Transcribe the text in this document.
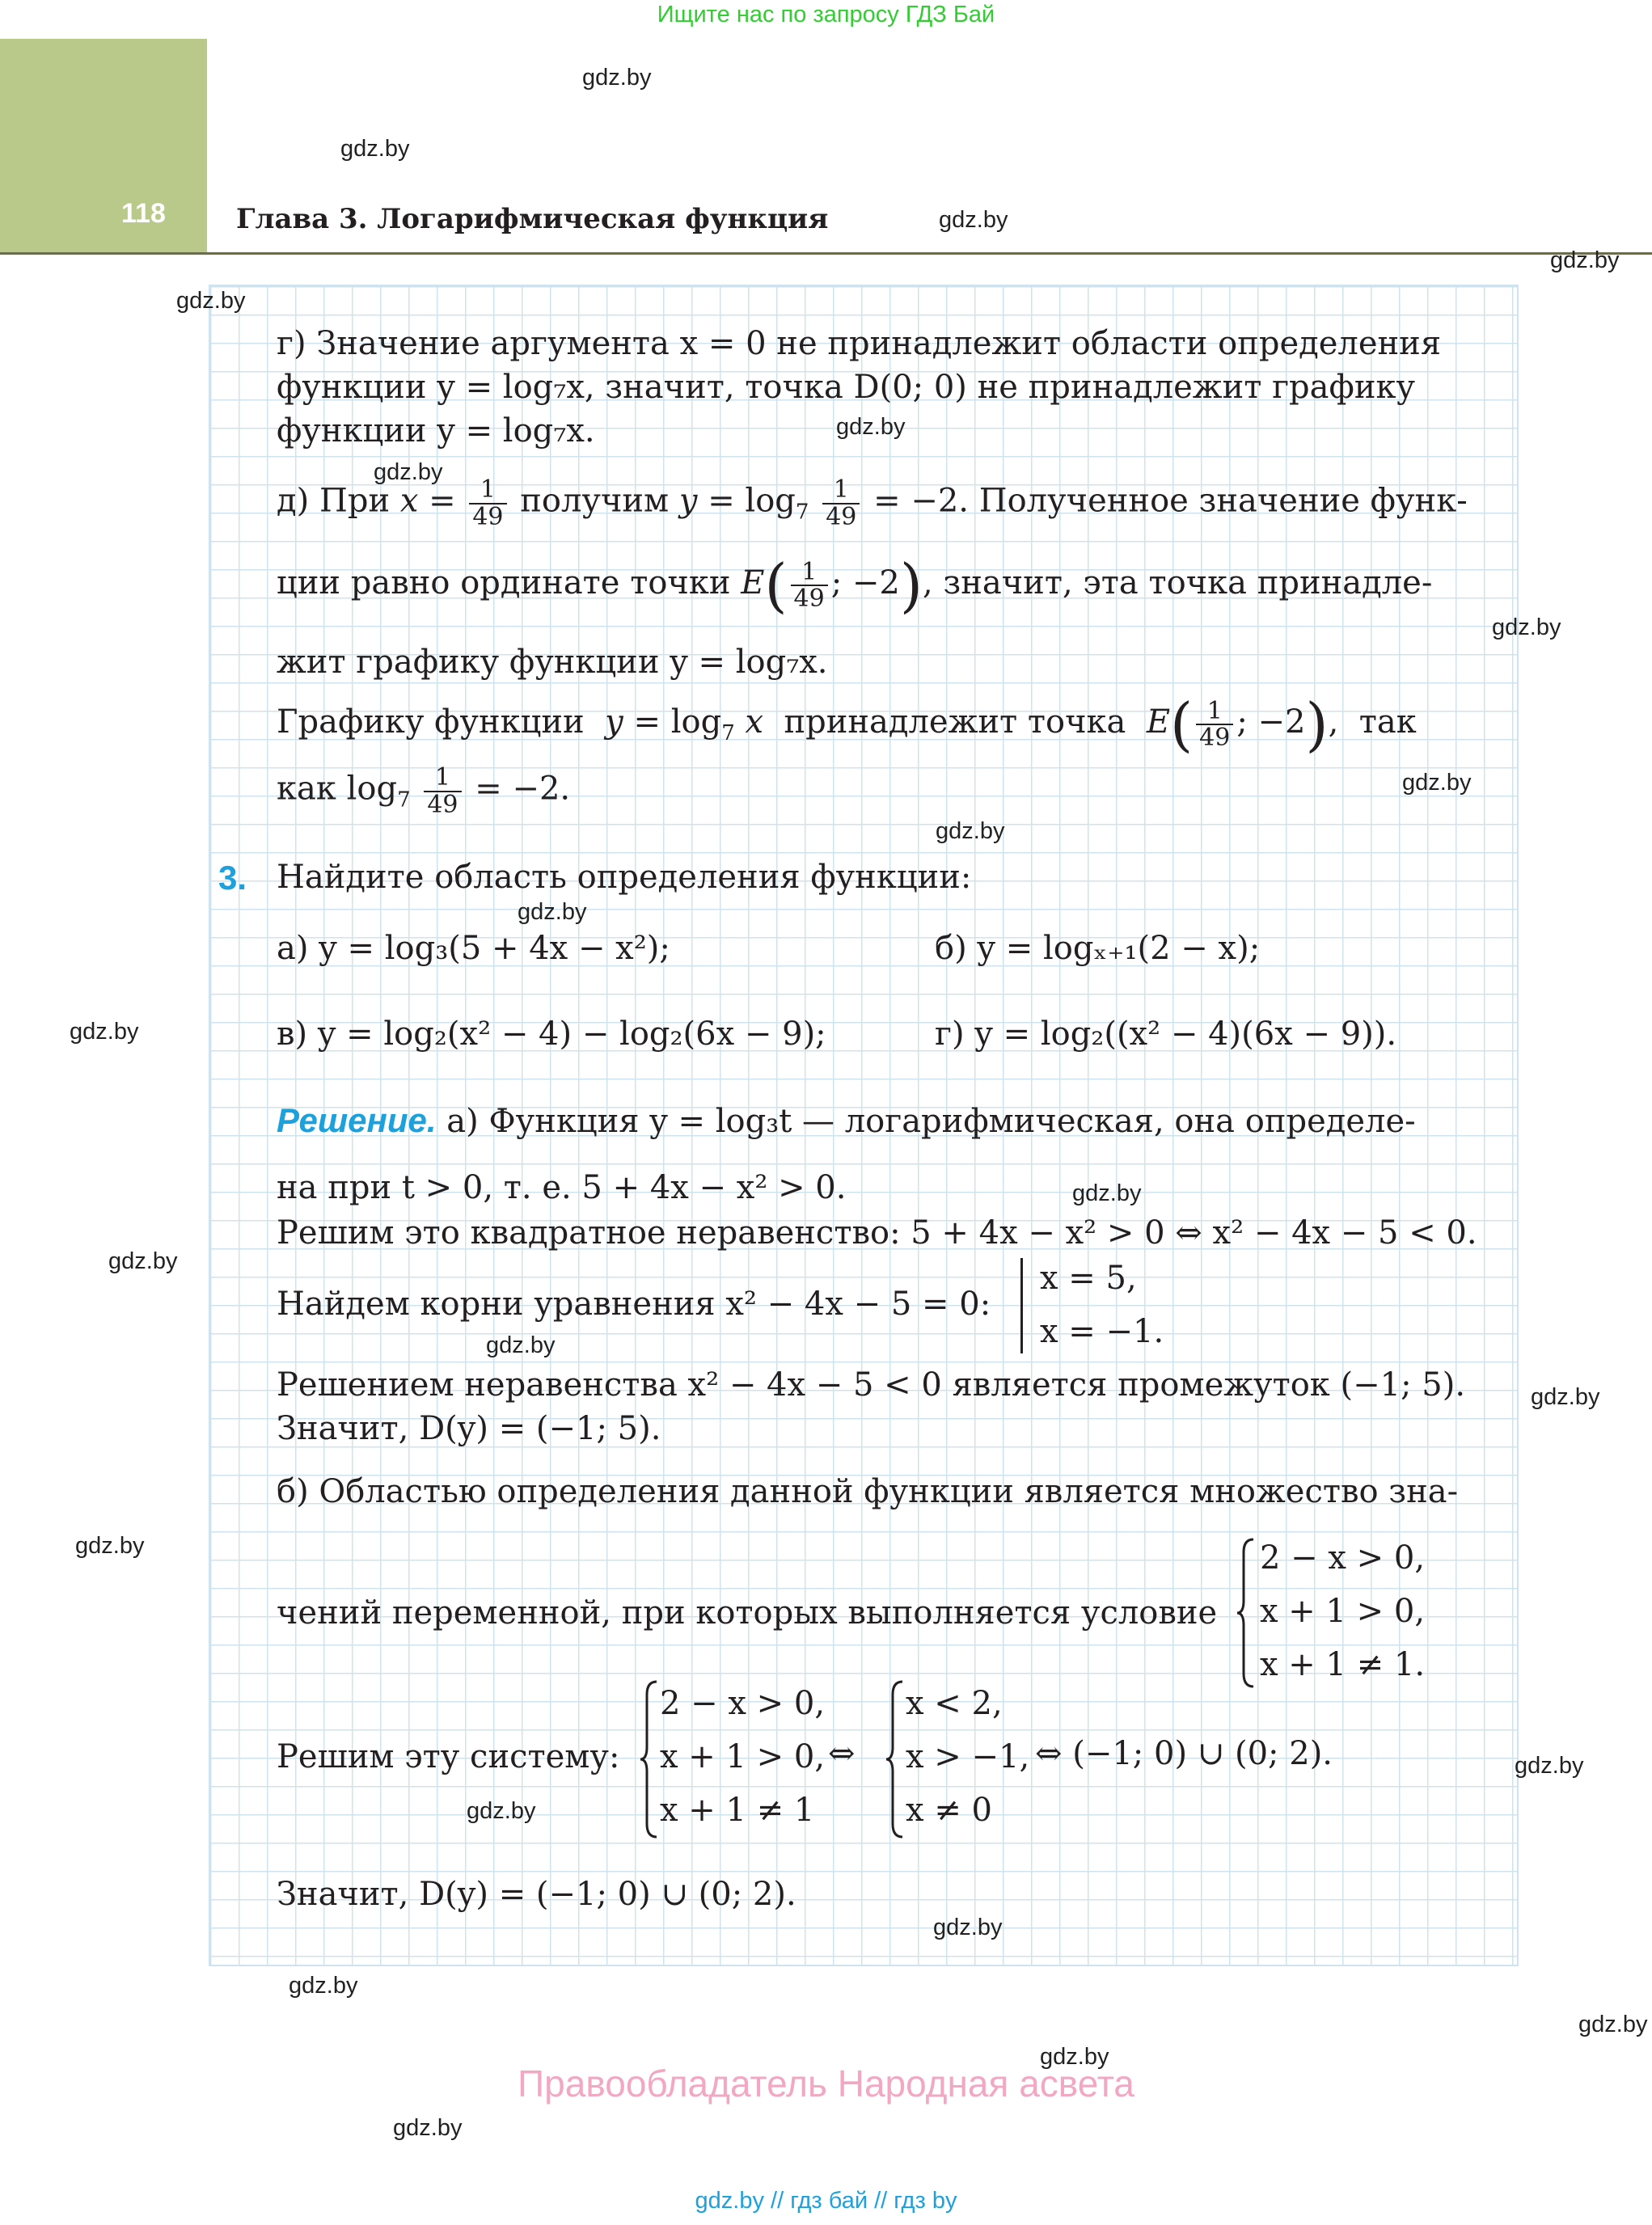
Ищите нас по запросу ГДЗ Бай
118	Глава 3. Логарифмическая функция
gdz.by
gdz.by
gdz.by
gdz.by
gdz.by
gdz.by
gdz.by
gdz.by
gdz.by
gdz.by
gdz.by
gdz.by
gdz.by
gdz.by
gdz.by
gdz.by
gdz.by
gdz.by
gdz.by
gdz.by
gdz.by
gdz.by
gdz.by
gdz.by
г) Значение аргумента x = 0 не принадлежит области определения
функции y = log₇x, значит, точка D(0; 0) не принадлежит графику
функции y = log₇x.
д) При $x = \frac{1}{49}$ получим $y = \log_7 \frac{1}{49} = -2$. Полученное значение функ-
ции равно ординате точки $E( \frac{1}{49}$ ; −2), значит, эта точка принадле-
жит графику функции y = log₇x.
Графику функции $y = \log_7 x$ принадлежит точка $E( \frac{1}{49}$ ; −2),  так
как $\log_7 \frac{1}{49} = -2$.
3. Найдите область определения функции:
а) y = log₃(5 + 4x − x²);	б) y = logₓ₊₁(2 − x);
в) y = log₂(x² − 4) − log₂(6x − 9);	г) y = log₂((x² − 4)(6x − 9)).
Решение. а) Функция y = log₃t — логарифмическая, она определе-
на при t > 0, т. е. 5 + 4x − x² > 0.
Решим это квадратное неравенство: 5 + 4x − x² > 0 ⇔ x² − 4x − 5 < 0.
Найдем корни уравнения x² − 4x − 5 = 0:
x = 5,
x = −1.
Решением неравенства x² − 4x − 5 < 0 является промежуток (−1; 5).
Значит, D(y) = (−1; 5).
б) Областью определения данной функции является множество зна-
чений переменной, при которых выполняется условие
2 − x > 0,
x + 1 > 0,
x + 1 ≠ 1.
Решим эту систему:
2 − x > 0,
x + 1 > 0,
x + 1 ≠ 1
⇔
x < 2,
x > −1,
x ≠ 0
⇔ (−1; 0) ∪ (0; 2).
Значит, D(y) = (−1; 0) ∪ (0; 2).
Правообладатель Народная асвета
gdz.by // гдз бай // гдз by
